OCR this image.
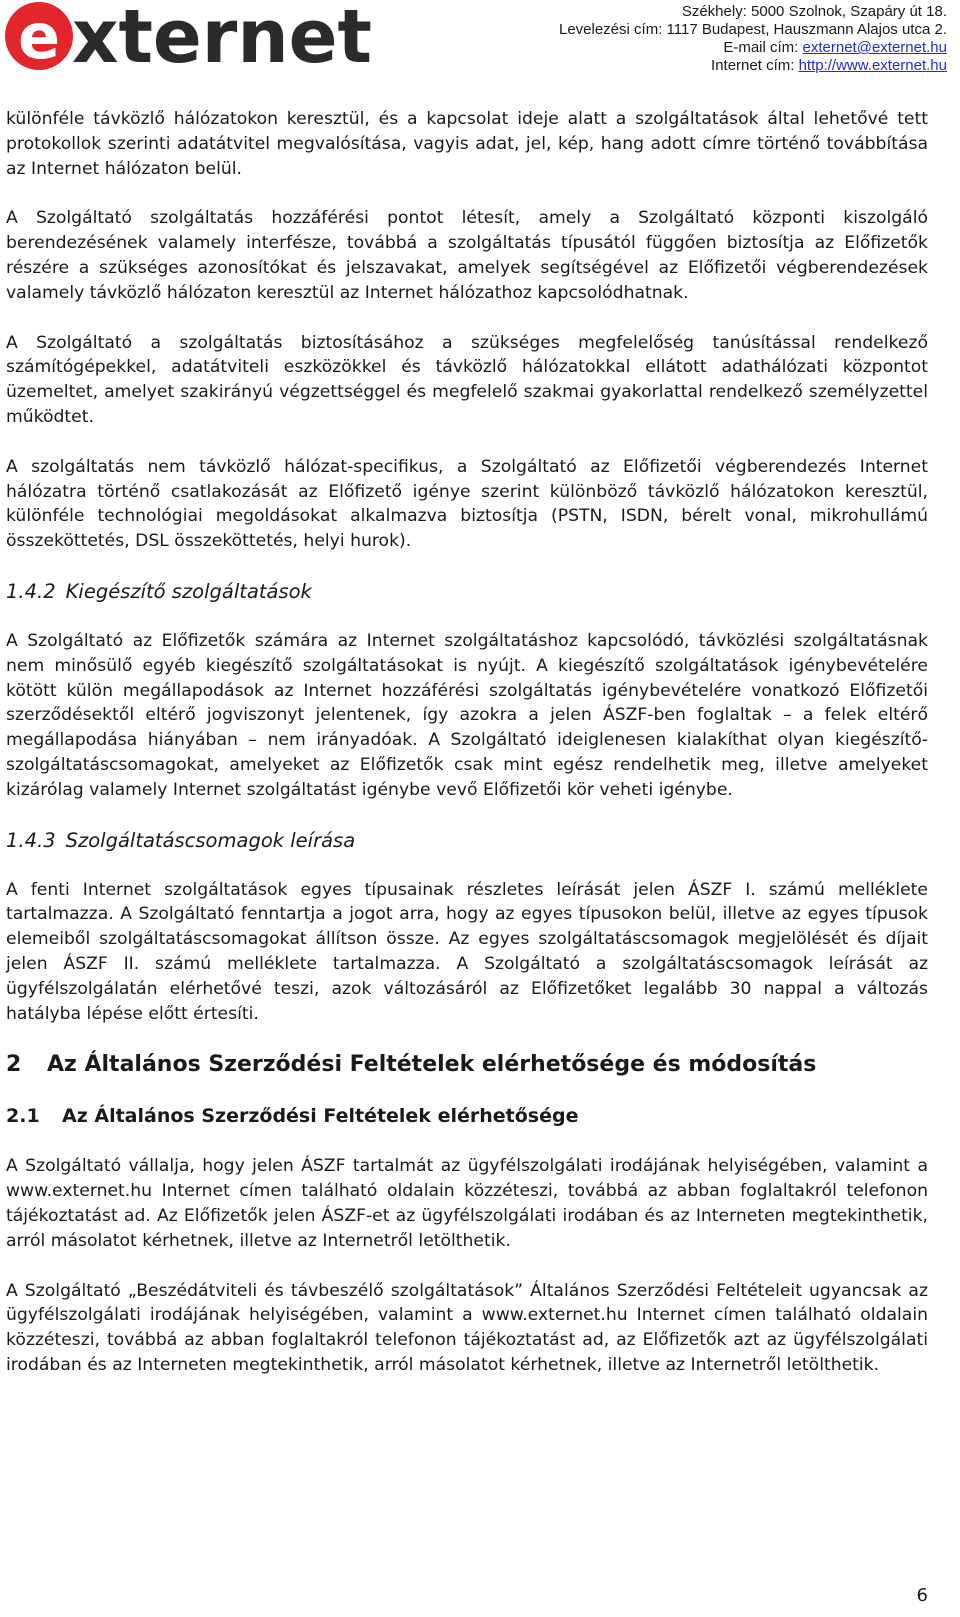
e xternet	Székhely: 5000 Szolnok, Szapáry út 18.
Levelezési cím: 1117 Budapest, Hauszmann Alajos utca 2.
E-mail cím: externet@externet.hu
Internet cím: http://www.externet.hu

különféle távközlő hálózatokon keresztül, és a kapcsolat ideje alatt a szolgáltatások által lehetővé tett protokollok szerinti adatátvitel megvalósítása, vagyis adat, jel, kép, hang adott címre történő továbbítása az Internet hálózaton belül.

A Szolgáltató szolgáltatás hozzáférési pontot létesít, amely a Szolgáltató központi kiszolgáló berendezésének valamely interfésze, továbbá a szolgáltatás típusától függően biztosítja az Előfizetők részére a szükséges azonosítókat és jelszavakat, amelyek segítségével az Előfizetői végberendezések valamely távközlő hálózaton keresztül az Internet hálózathoz kapcsolódhatnak.

A Szolgáltató a szolgáltatás biztosításához a szükséges megfelelőség tanúsítással rendelkező számítógépekkel, adatátviteli eszközökkel és távközlő hálózatokkal ellátott adathálózati központot üzemeltet, amelyet szakirányú végzettséggel és megfelelő szakmai gyakorlattal rendelkező személyzettel működtet.

A szolgáltatás nem távközlő hálózat-specifikus, a Szolgáltató az Előfizetői végberendezés Internet hálózatra történő csatlakozását az Előfizető igénye szerint különböző távközlő hálózatokon keresztül, különféle technológiai megoldásokat alkalmazva biztosítja (PSTN, ISDN, bérelt vonal, mikrohullámú összeköttetés, DSL összeköttetés, helyi hurok).

1.4.2 Kiegészítő szolgáltatások

A Szolgáltató az Előfizetők számára az Internet szolgáltatáshoz kapcsolódó, távközlési szolgáltatásnak nem minősülő egyéb kiegészítő szolgáltatásokat is nyújt. A kiegészítő szolgáltatások igénybevételére kötött külön megállapodások az Internet hozzáférési szolgáltatás igénybevételére vonatkozó Előfizetői szerződésektől eltérő jogviszonyt jelentenek, így azokra a jelen ÁSZF-ben foglaltak – a felek eltérő megállapodása hiányában – nem irányadóak. A Szolgáltató ideiglenesen kialakíthat olyan kiegészítő-szolgáltatáscsomagokat, amelyeket az Előfizetők csak mint egész rendelhetik meg, illetve amelyeket kizárólag valamely Internet szolgáltatást igénybe vevő Előfizetői kör veheti igénybe.

1.4.3 Szolgáltatáscsomagok leírása

A fenti Internet szolgáltatások egyes típusainak részletes leírását jelen ÁSZF I. számú melléklete tartalmazza. A Szolgáltató fenntartja a jogot arra, hogy az egyes típusokon belül, illetve az egyes típusok elemeiből szolgáltatáscsomagokat állítson össze. Az egyes szolgáltatáscsomagok megjelölését és díjait jelen ÁSZF II. számú melléklete tartalmazza. A Szolgáltató a szolgáltatáscsomagok leírását az ügyfélszolgálatán elérhetővé teszi, azok változásáról az Előfizetőket legalább 30 nappal a változás hatályba lépése előtt értesíti.

2 Az Általános Szerződési Feltételek elérhetősége és módosítás
2.1 Az Általános Szerződési Feltételek elérhetősége

A Szolgáltató vállalja, hogy jelen ÁSZF tartalmát az ügyfélszolgálati irodájának helyiségében, valamint a www.externet.hu Internet címen található oldalain közzéteszi, továbbá az abban foglaltakról telefonon tájékoztatást ad. Az Előfizetők jelen ÁSZF-et az ügyfélszolgálati irodában és az Interneten megtekinthetik, arról másolatot kérhetnek, illetve az Internetről letölthetik.

A Szolgáltató „Beszédátviteli és távbeszélő szolgáltatások” Általános Szerződési Feltételeit ugyancsak az ügyfélszolgálati irodájának helyiségében, valamint a www.externet.hu Internet címen található oldalain közzéteszi, továbbá az abban foglaltakról telefonon tájékoztatást ad, az Előfizetők azt az ügyfélszolgálati irodában és az Interneten megtekinthetik, arról másolatot kérhetnek, illetve az Internetről letölthetik.

6
